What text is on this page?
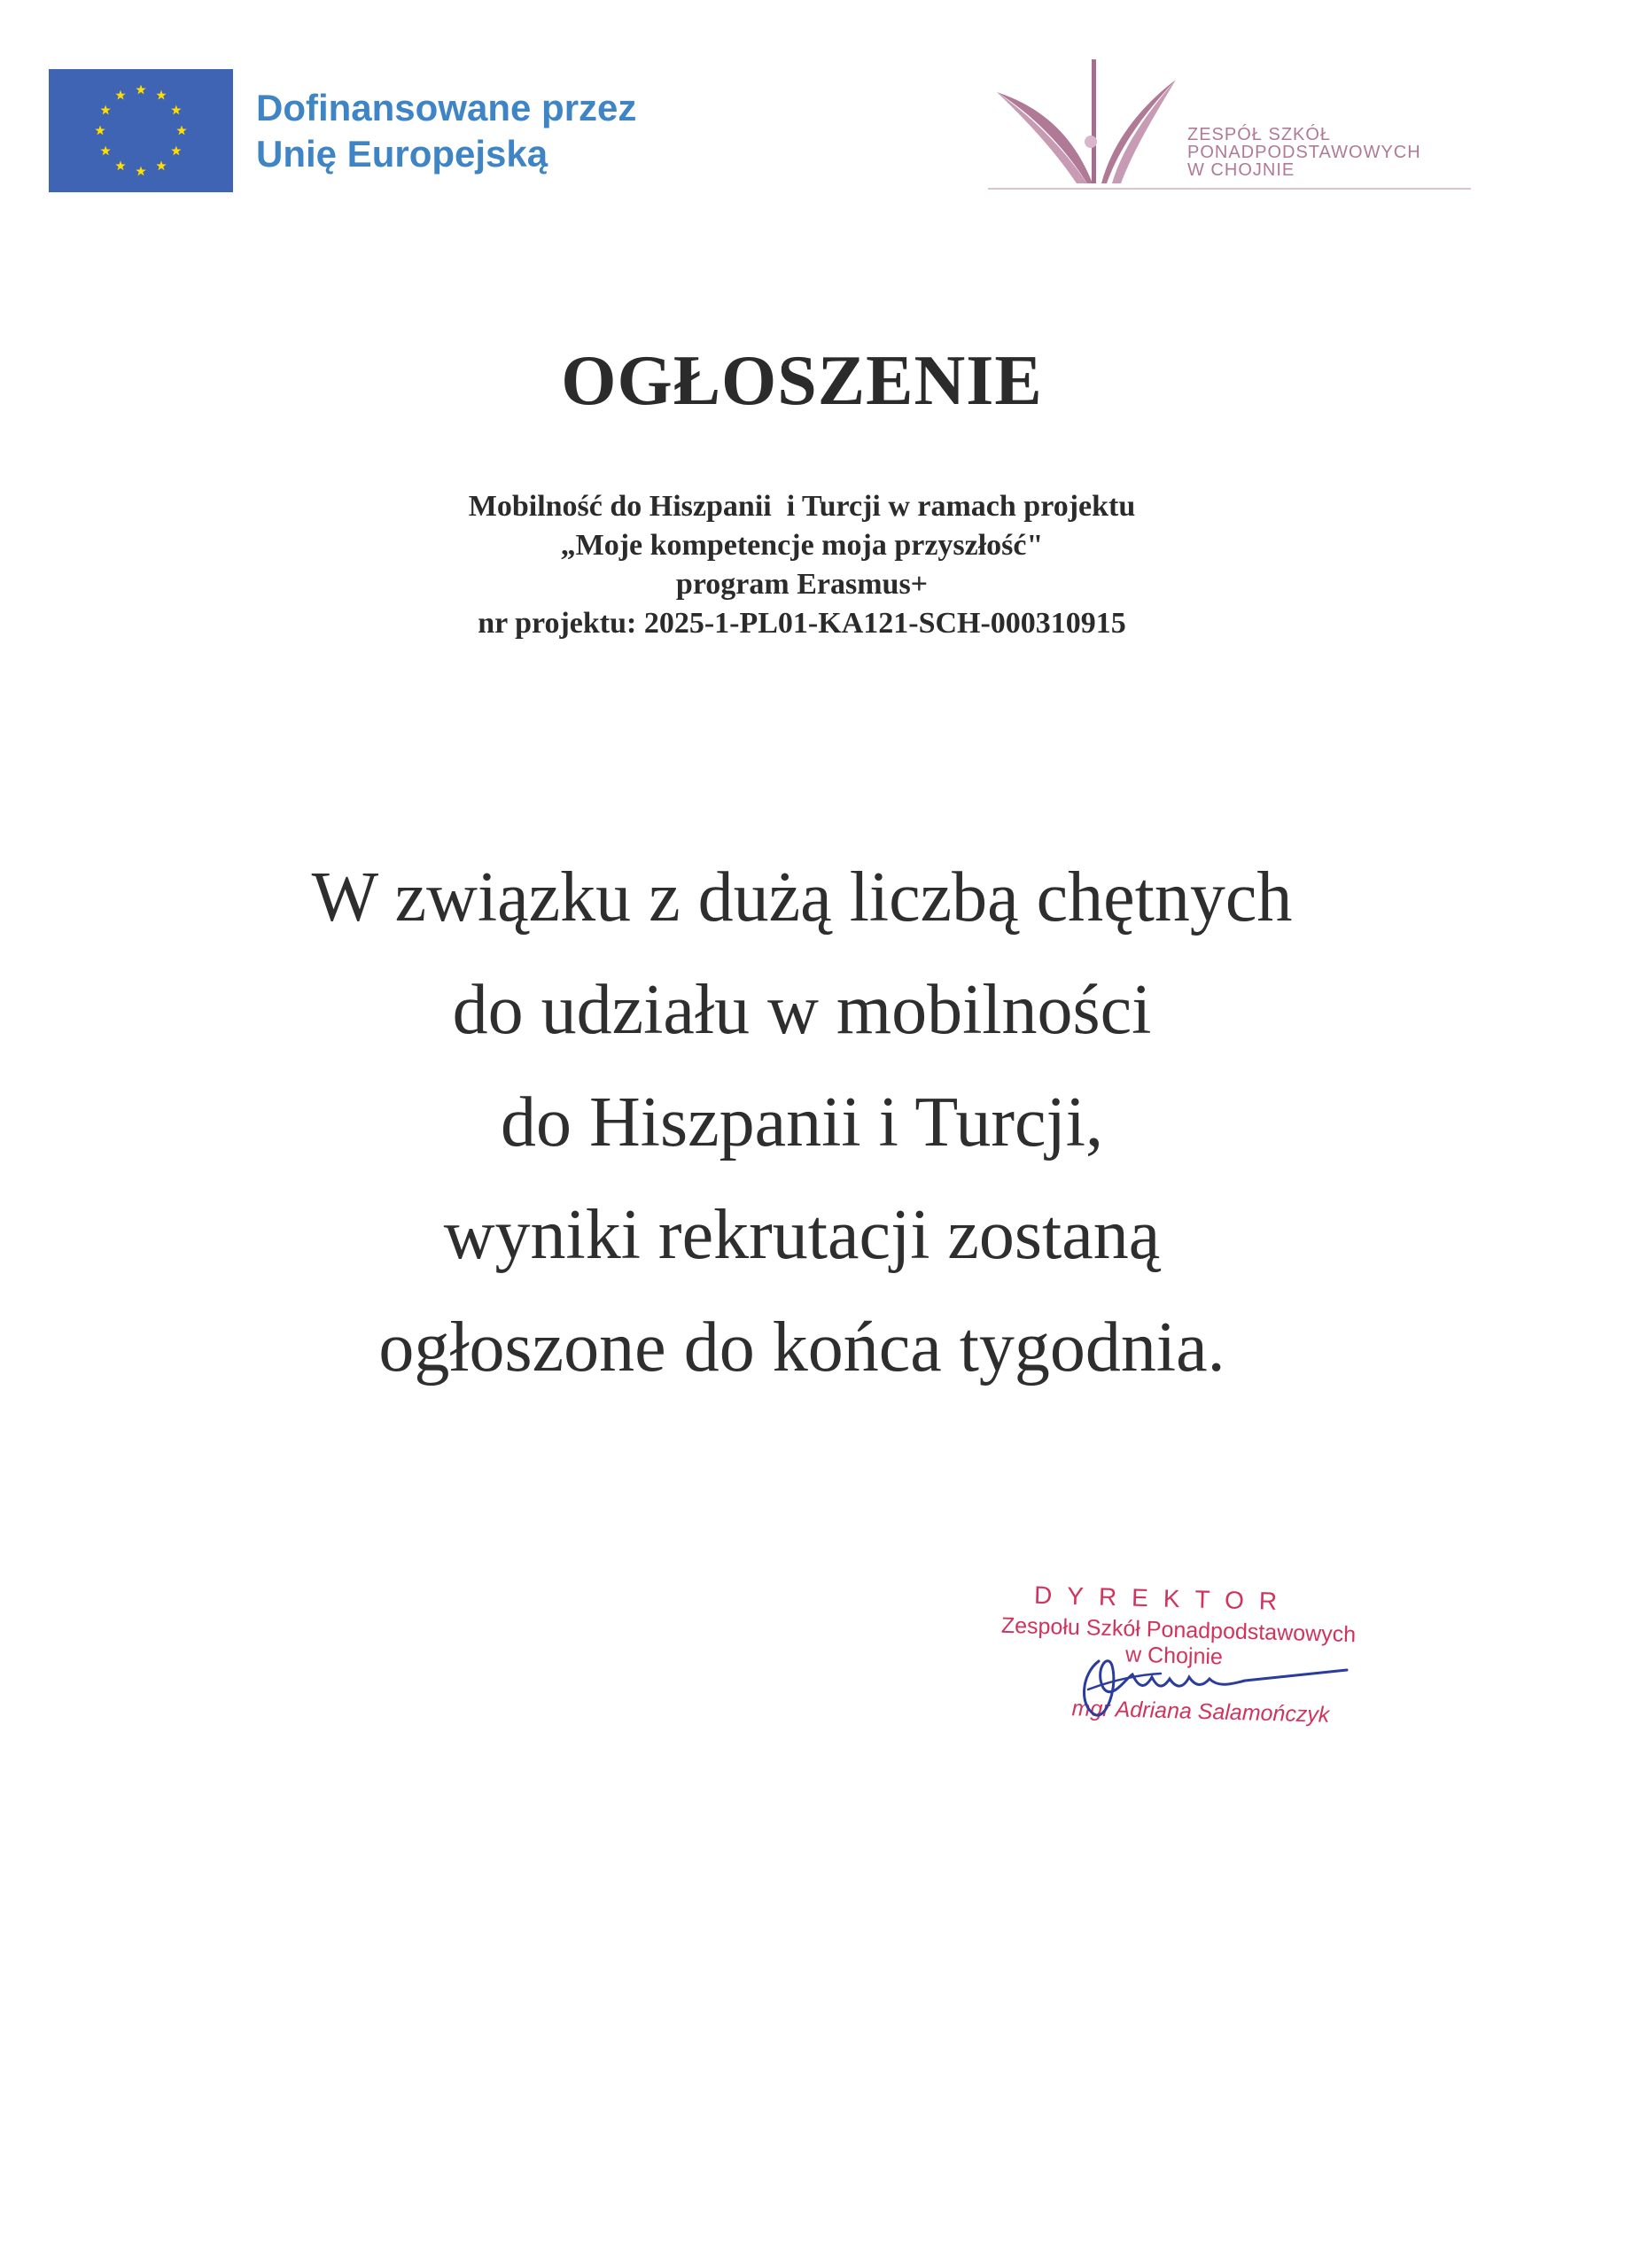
Dofinansowane przez
Unię Europejską	ZESPÓŁ SZKÓŁ
PONADPODSTAWOWYCH
W CHOJNIE
OGŁOSZENIE
Mobilność do Hiszpanii  i Turcji w ramach projektu
„Moje kompetencje moja przyszłość"
program Erasmus+
nr projektu: 2025-1-PL01-KA121-SCH-000310915
W związku z dużą liczbą chętnych
do udziału w mobilności
do Hiszpanii i Turcji,
wyniki rekrutacji zostaną
ogłoszone do końca tygodnia.
DYREKTOR
Zespołu Szkół Ponadpodstawowych
w Chojnie
mgr Adriana Salamończyk
